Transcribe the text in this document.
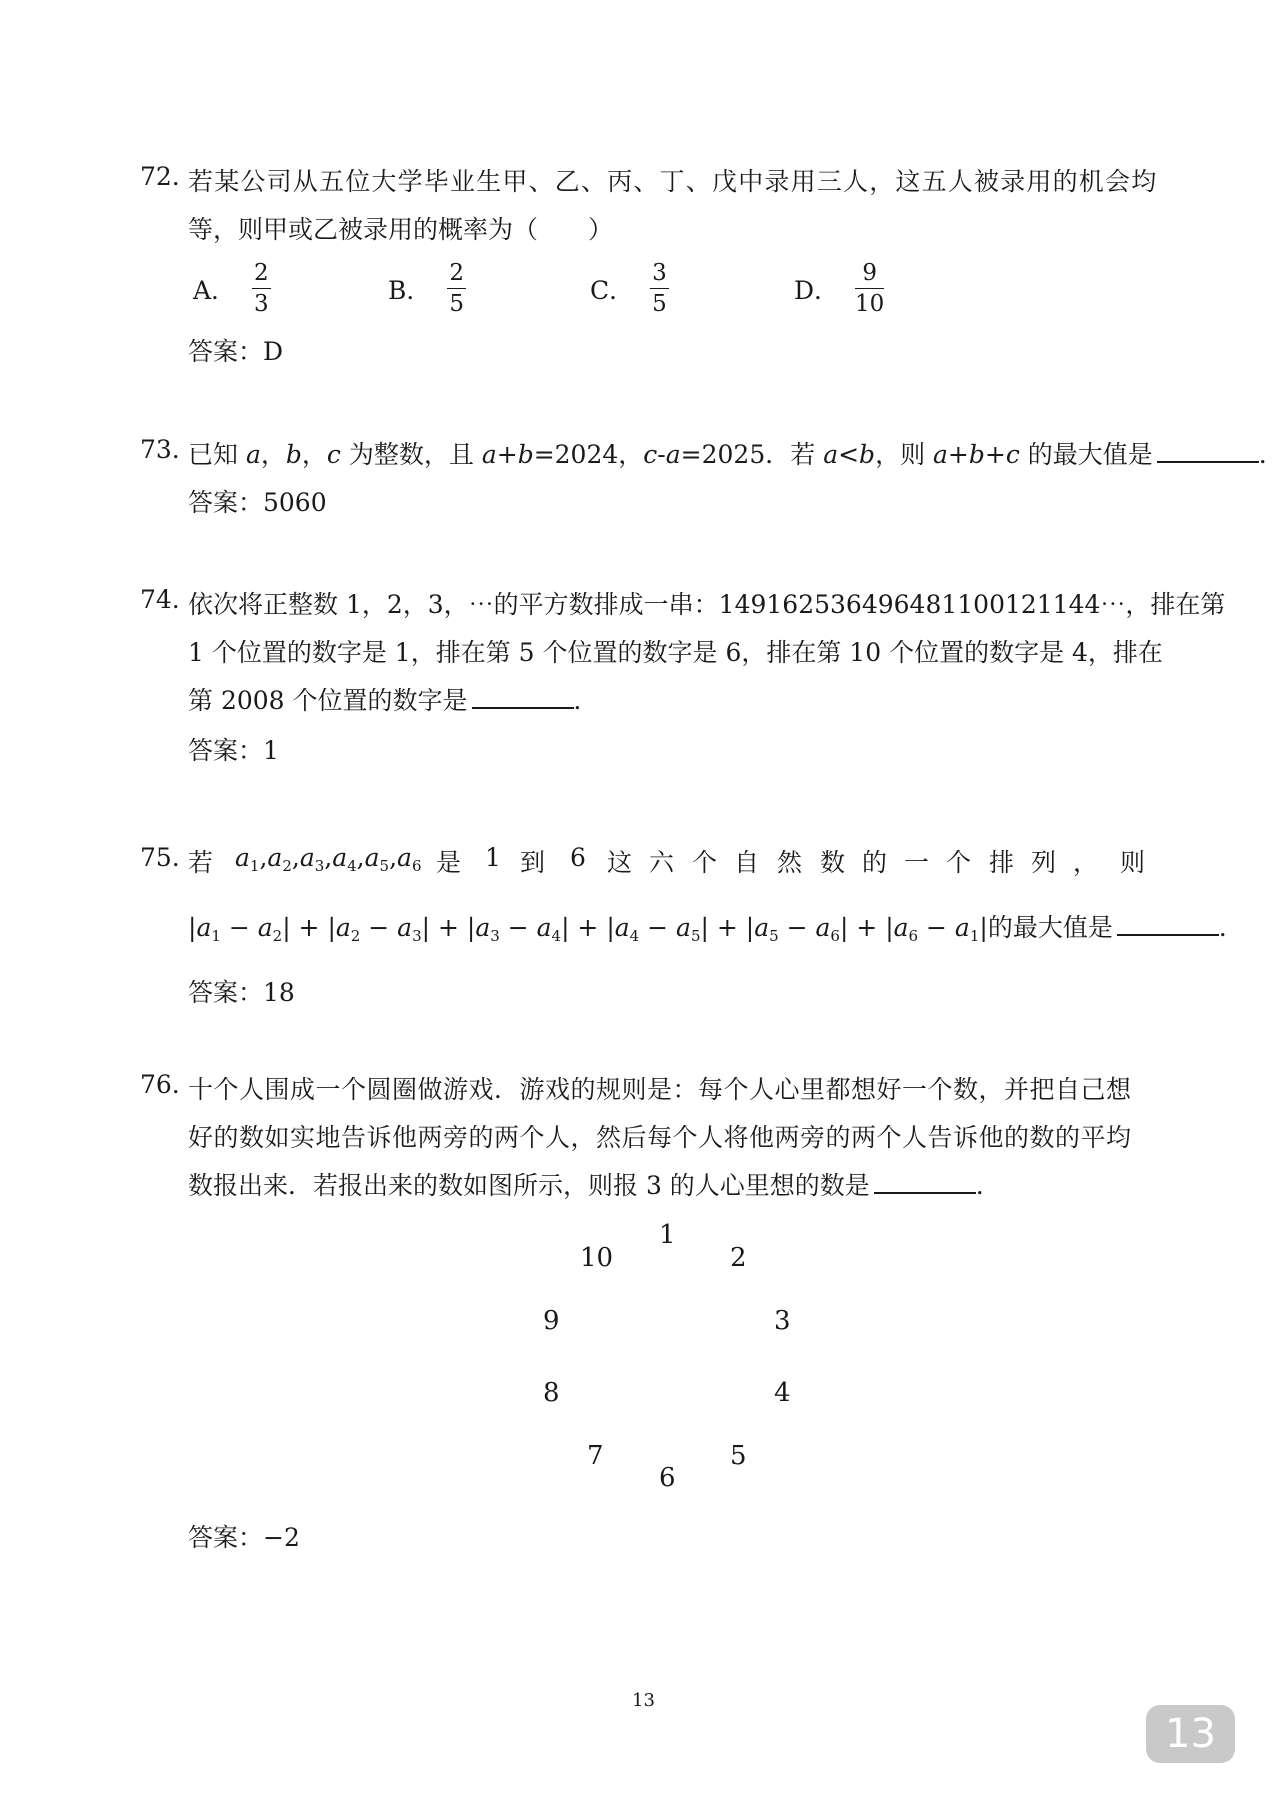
72. 若某公司从五位大学毕业生甲、乙、丙、丁、戊中录用三人，这五人被录用的机会均
等，则甲或乙被录用的概率为（　　）
A． $\frac{2}{3}$	B． $\frac{2}{5}$	C． $\frac{3}{5}$	D． $\frac{9}{10}$
答案：D
73. 已知 a，b，c 为整数，且 a+b=2024，c-a=2025．若 a<b，则 a+b+c 的最大值是	．
答案：5060
74. 依次将正整数 1，2，3，⋯的平方数排成一串：149162536496481100121144⋯，排在第
1 个位置的数字是 1，排在第 5 个位置的数字是 6，排在第 10 个位置的数字是 4，排在
第 2008 个位置的数字是	．
答案：1
75. 若 $a_1,a_2,a_3,a_4,a_5,a_6$ 是 1 到 6 这 六 个 自 然 数 的 一 个 排 列 ， 则
$|a_1 - a_2| + |a_2 - a_3| + |a_3 - a_4| + |a_4 - a_5| + |a_5 - a_6| + |a_6 - a_1|$的最大值是	．
答案：18
76. 十个人围成一个圆圈做游戏．游戏的规则是：每个人心里都想好一个数，并把自己想
好的数如实地告诉他两旁的两个人，然后每个人将他两旁的两个人告诉他的数的平均
数报出来．若报出来的数如图所示，则报 3 的人心里想的数是	．
1
2
3
4
5
6
7
8
9
10
答案：−2
13
13
